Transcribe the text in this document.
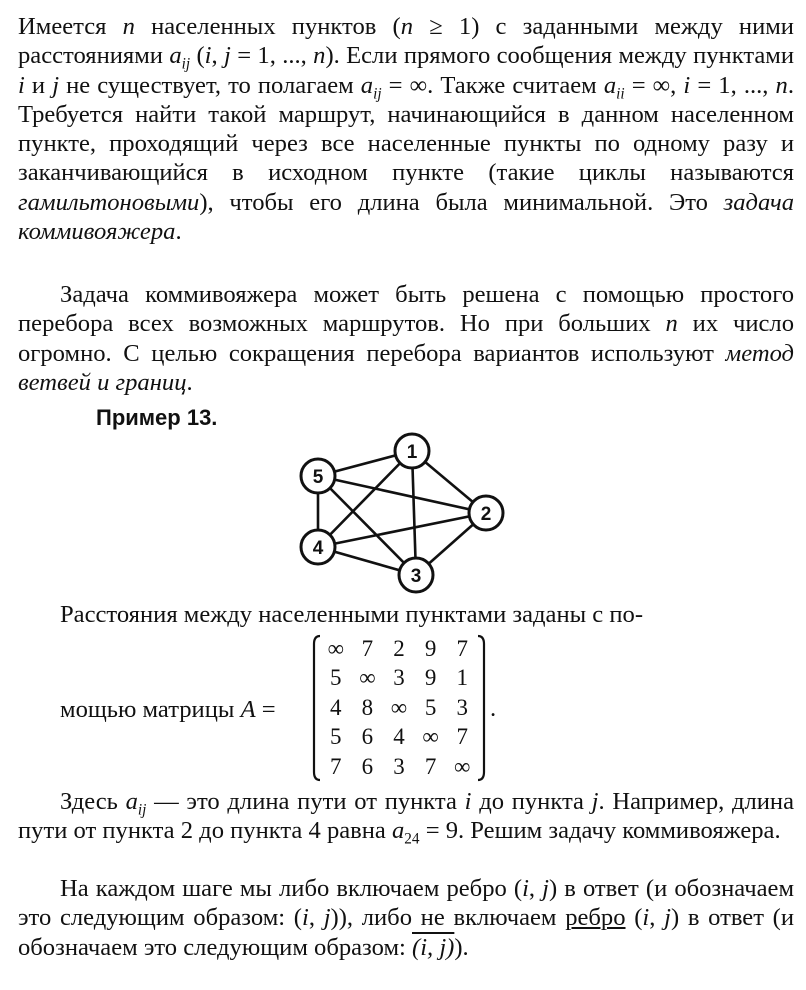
Имеется n населенных пунктов (n ≥ 1) с заданными между ними расстояниями $a_{ij}$ (i, j = 1, ..., n). Если прямого сообщения между пунктами i и j не существует, то полагаем $a_{ij}$ = ∞. Также считаем $a_{ii}$ = ∞, i = 1, ..., n. Требуется найти такой маршрут, начинающийся в данном населенном пункте, проходящий через все населенные пункты по одному разу и заканчивающийся в исходном пункте (такие циклы называются гамильтоновыми), чтобы его длина была минимальной. Это задача коммивояжера.

Задача коммивояжера может быть решена с помощью простого перебора всех возможных маршрутов. Но при больших n их число огромно. С целью сокращения перебора вариантов используют метод ветвей и границ.

Пример 13.

1
2
3
4
5

Расстояния между населенными пунктами заданы с по-

мощью матрицы A =
∞ 7 2 9 7
5 ∞ 3 9 1
4 8 ∞ 5 3
5 6 4 ∞ 7
7 6 3 7 ∞
.

Здесь $a_{ij}$ — это длина пути от пункта i до пункта j. Например, длина пути от пункта 2 до пункта 4 равна $a_{24} = 9$. Решим задачу коммивояжера.

На каждом шаге мы либо включаем ребро (i, j) в ответ (и обозначаем это следующим образом: (i, j)), либо не включаем ребро (i, j) в ответ (и обозначаем это следующим образом: (i, j)).
